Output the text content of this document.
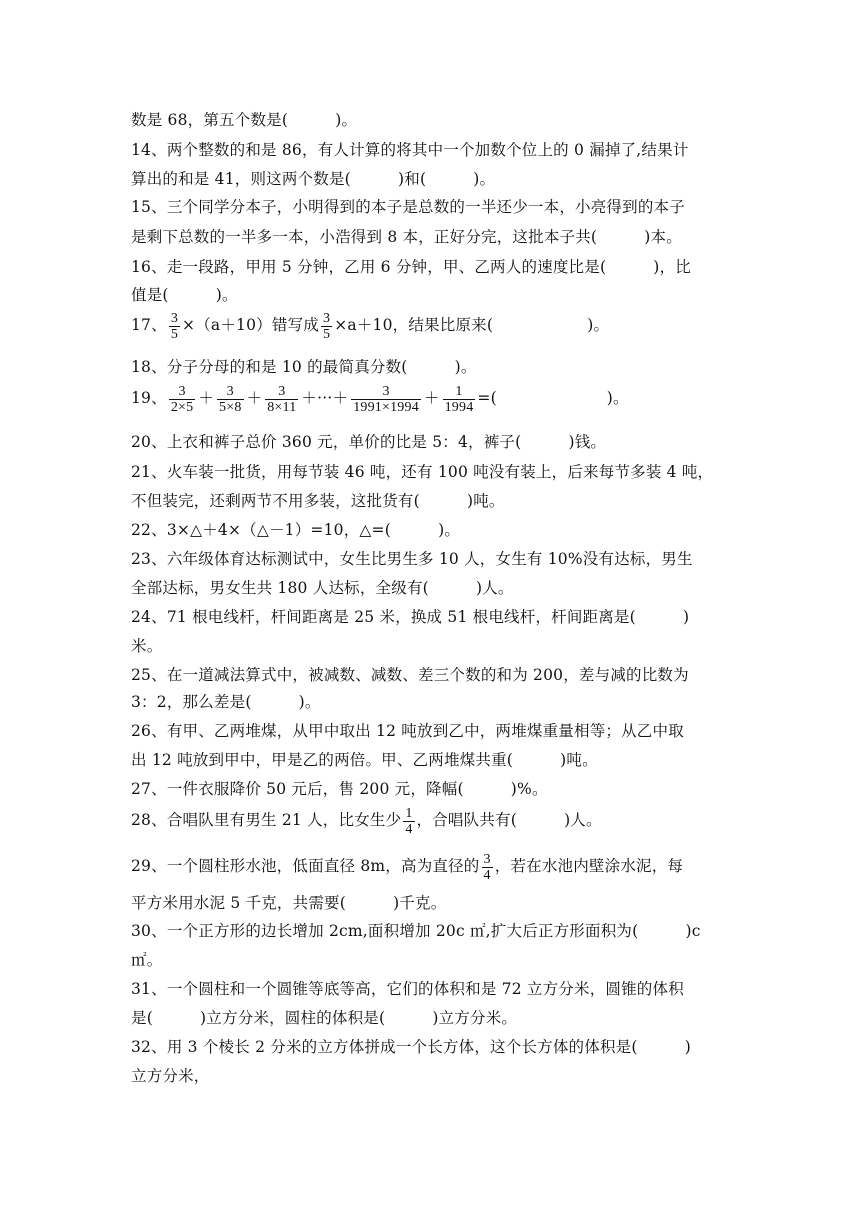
数是 68，第五个数是(　　　)。
14、两个整数的和是 86，有人计算的将其中一个加数个位上的 0 漏掉了,结果计
算出的和是 41，则这两个数是(　　　)和(　　　)。
15、三个同学分本子，小明得到的本子是总数的一半还少一本，小亮得到的本子
是剩下总数的一半多一本，小浩得到 8 本，正好分完，这批本子共(　　　)本。
16、走一段路，甲用 5 分钟，乙用 6 分钟，甲、乙两人的速度比是(　　　)，比
值是(　　　)。
17、 $\frac{3}{5} \times(a+10)$错写成 $\frac{3}{5} \times a+10$，结果比原来(　　　　　　)。
18、分子分母的和是 10 的最简真分数(　　　)。
19、 $\frac{3}{2\times 5} + \frac{3}{5\times 8} + \frac{3}{8\times 11}$ ＋···＋ $\frac{3}{1991\times 1994} + \frac{1}{1994}$ =(　　　　　　　)。
20、上衣和裤子总价 360 元，单价的比是 5：4，裤子(　　　)钱。
21、火车装一批货，用每节装 46 吨，还有 100 吨没有装上，后来每节多装 4 吨，
不但装完，还剩两节不用多装，这批货有(　　　)吨。
22、3×△＋4×（△－1）=10，△=(　　　)。
23、六年级体育达标测试中，女生比男生多 10 人，女生有 10%没有达标，男生
全部达标，男女生共 180 人达标，全级有(　　　)人。
24、71 根电线杆，杆间距离是 25 米，换成 51 根电线杆，杆间距离是(　　　)
米。
25、在一道减法算式中，被减数、减数、差三个数的和为 200，差与减的比数为
3：2，那么差是(　　　)。
26、有甲、乙两堆煤，从甲中取出 12 吨放到乙中，两堆煤重量相等；从乙中取
出 12 吨放到甲中，甲是乙的两倍。甲、乙两堆煤共重(　　　)吨。
27、一件衣服降价 50 元后，售 200 元，降幅(　　　)%。
28、合唱队里有男生 21 人，比女生少 $\frac{1}{4}$ ，合唱队共有(　　　)人。
29、一个圆柱形水池，低面直径 8m，高为直径的 $\frac{3}{4}$ ，若在水池内壁涂水泥，每
平方米用水泥 5 千克，共需要(　　　)千克。
30、一个正方形的边长增加 2cm,面积增加 20c ㎡,扩大后正方形面积为(　　　)c
㎡。
31、一个圆柱和一个圆锥等底等高，它们的体积和是 72 立方分米，圆锥的体积
是(　　　)立方分米，圆柱的体积是(　　　)立方分米。
32、用 3 个棱长 2 分米的立方体拼成一个长方体，这个长方体的体积是(　　　)
立方分米，
